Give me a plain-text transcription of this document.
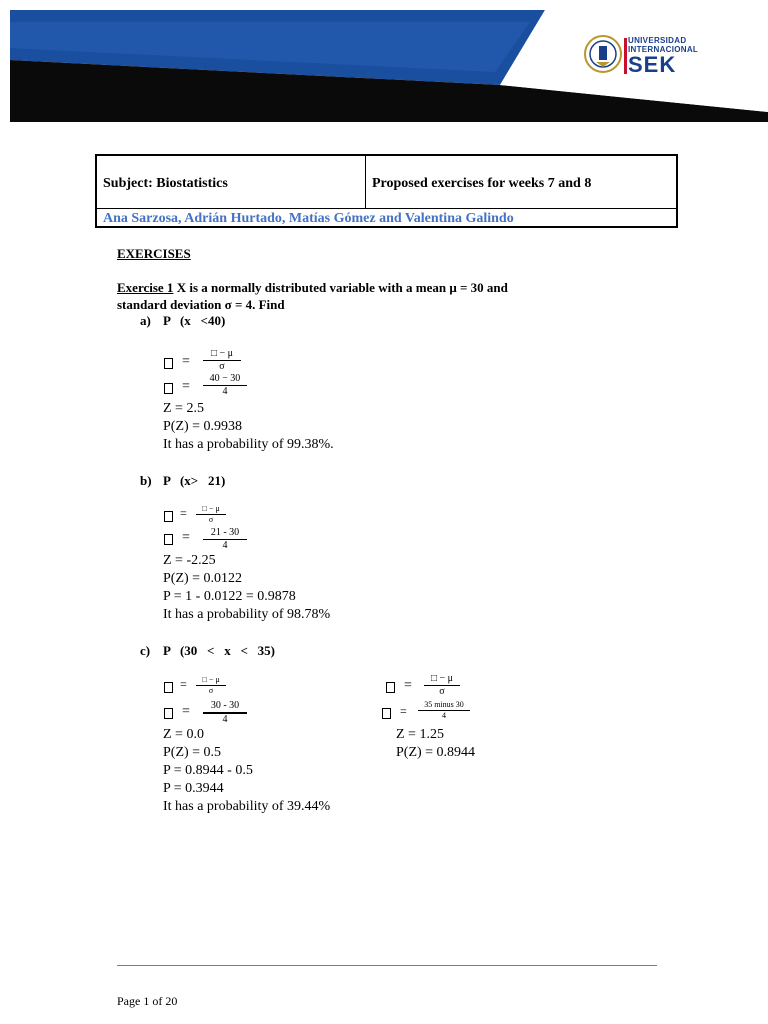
UNIVERSIDAD
INTERNACIONAL
SEK
Subject: Biostatistics	Proposed exercises for weeks 7 and 8
Ana Sarzosa, Adrián Hurtado, Matías Gómez and Valentina Galindo
EXERCISES
Exercise 1 X is a normally distributed variable with a mean μ = 30 and
standard deviation σ = 4. Find
a) P   (x   <40)
= $\frac{□ - \mu}{\sigma}$
= $\frac{40 - 30}{4}$
Z = 2.5
P(Z) = 0.9938
It has a probability of 99.38%.
b) P   (x>   21)
= $\frac{□ - \mu}{\sigma}$
= $\frac{21 - 30}{4}$
Z = -2.25
P(Z) = 0.0122
P = 1 - 0.0122 = 0.9878
It has a probability of 98.78%
c) P   (30   <   x   <   35)
= $\frac{□ - \mu}{\sigma}$
= $\frac{30 - 30}{4}$
Z = 0.0
P(Z) = 0.5
P = 0.8944 - 0.5
P = 0.3944
It has a probability of 39.44%
= $\frac{□ - \mu}{\sigma}$
=	35 minus 30
4
Z = 1.25
P(Z) = 0.8944
Page 1 of 20
